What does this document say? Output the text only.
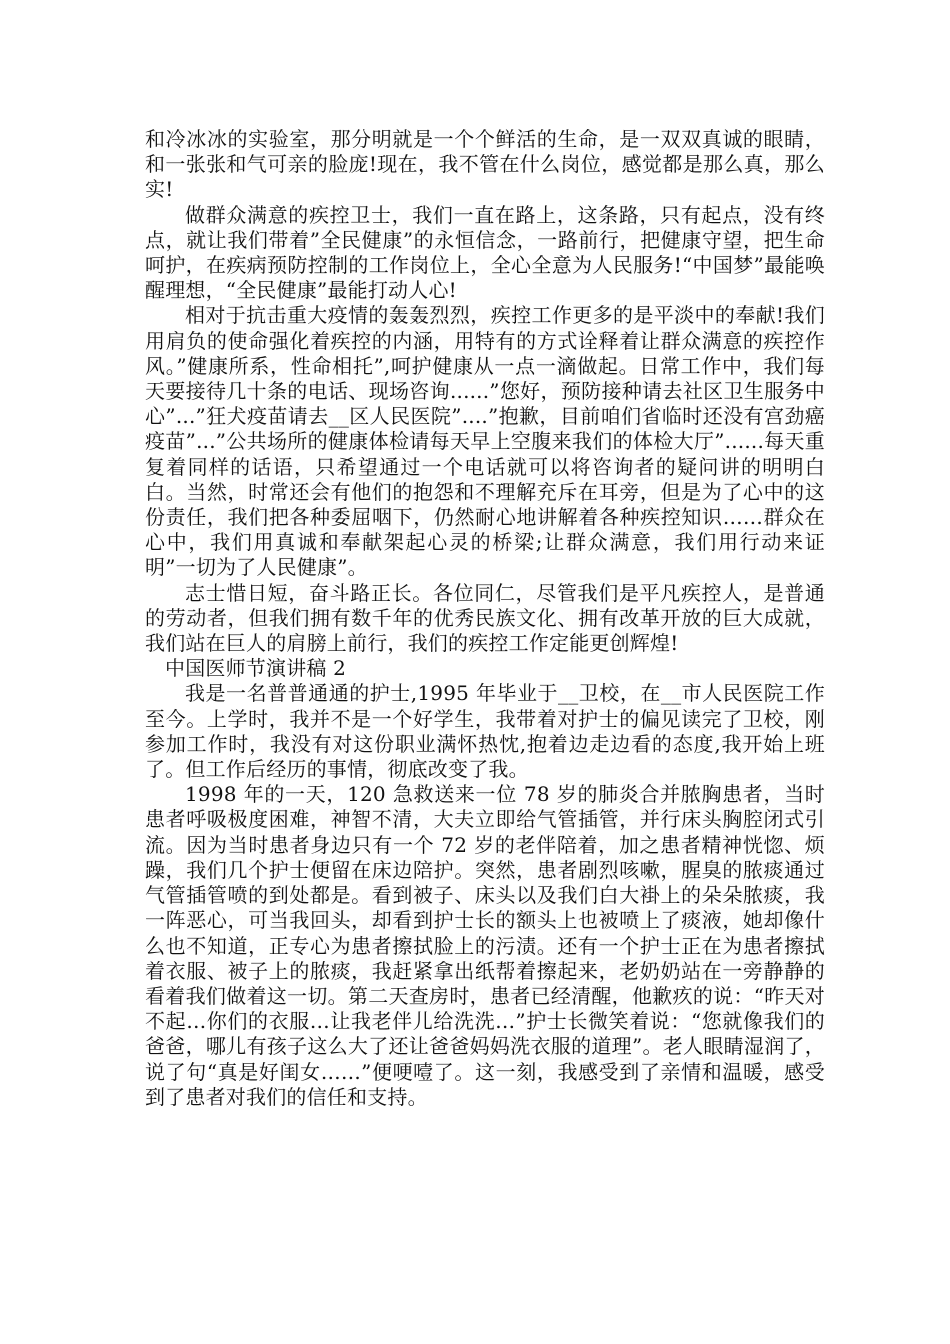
和冷冰冰的实验室，那分明就是一个个鲜活的生命，是一双双真诚的眼睛，和一张张和气可亲的脸庞!现在，我不管在什么岗位，感觉都是那么真，那么实!

做群众满意的疾控卫士，我们一直在路上，这条路，只有起点，没有终点，就让我们带着”全民健康”的永恒信念，一路前行，把健康守望，把生命呵护，在疾病预防控制的工作岗位上，全心全意为人民服务!“中国梦”最能唤醒理想，“全民健康”最能打动人心!

相对于抗击重大疫情的轰轰烈烈，疾控工作更多的是平淡中的奉献!我们用肩负的使命强化着疾控的内涵，用特有的方式诠释着让群众满意的疾控作风。”健康所系，性命相托”,呵护健康从一点一滴做起。日常工作中，我们每天要接待几十条的电话、现场咨询......”您好，预防接种请去社区卫生服务中心”...”狂犬疫苗请去__区人民医院”....”抱歉，目前咱们省临时还没有宫劲癌疫苗”...”公共场所的健康体检请每天早上空腹来我们的体检大厅”......每天重复着同样的话语，只希望通过一个电话就可以将咨询者的疑问讲的明明白白。当然，时常还会有他们的抱怨和不理解充斥在耳旁，但是为了心中的这份责任，我们把各种委屈咽下，仍然耐心地讲解着各种疾控知识……群众在心中，我们用真诚和奉献架起心灵的桥梁;让群众满意，我们用行动来证明”一切为了人民健康”。

志士惜日短，奋斗路正长。各位同仁，尽管我们是平凡疾控人，是普通的劳动者，但我们拥有数千年的优秀民族文化、拥有改革开放的巨大成就，我们站在巨人的肩膀上前行，我们的疾控工作定能更创辉煌!

中国医师节演讲稿 2

我是一名普普通通的护士,1995 年毕业于__卫校，在__市人民医院工作至今。上学时，我并不是一个好学生，我带着对护士的偏见读完了卫校，刚参加工作时，我没有对这份职业满怀热忱,抱着边走边看的态度,我开始上班了。但工作后经历的事情，彻底改变了我。

1998 年的一天，120 急救送来一位 78 岁的肺炎合并脓胸患者，当时患者呼吸极度困难，神智不清，大夫立即给气管插管，并行床头胸腔闭式引流。因为当时患者身边只有一个 72 岁的老伴陪着，加之患者精神恍惚、烦躁，我们几个护士便留在床边陪护。突然，患者剧烈咳嗽，腥臭的脓痰通过气管插管喷的到处都是。看到被子、床头以及我们白大褂上的朵朵脓痰，我一阵恶心，可当我回头，却看到护士长的额头上也被喷上了痰液，她却像什么也不知道，正专心为患者擦拭脸上的污渍。还有一个护士正在为患者擦拭着衣服、被子上的脓痰，我赶紧拿出纸帮着擦起来，老奶奶站在一旁静静的看着我们做着这一切。第二天查房时，患者已经清醒，他歉疚的说：“昨天对不起…你们的衣服…让我老伴儿给洗洗…”护士长微笑着说：“您就像我们的爸爸，哪儿有孩子这么大了还让爸爸妈妈洗衣服的道理”。老人眼睛湿润了，说了句“真是好闺女……”便哽噎了。这一刻，我感受到了亲情和温暖，感受到了患者对我们的信任和支持。
